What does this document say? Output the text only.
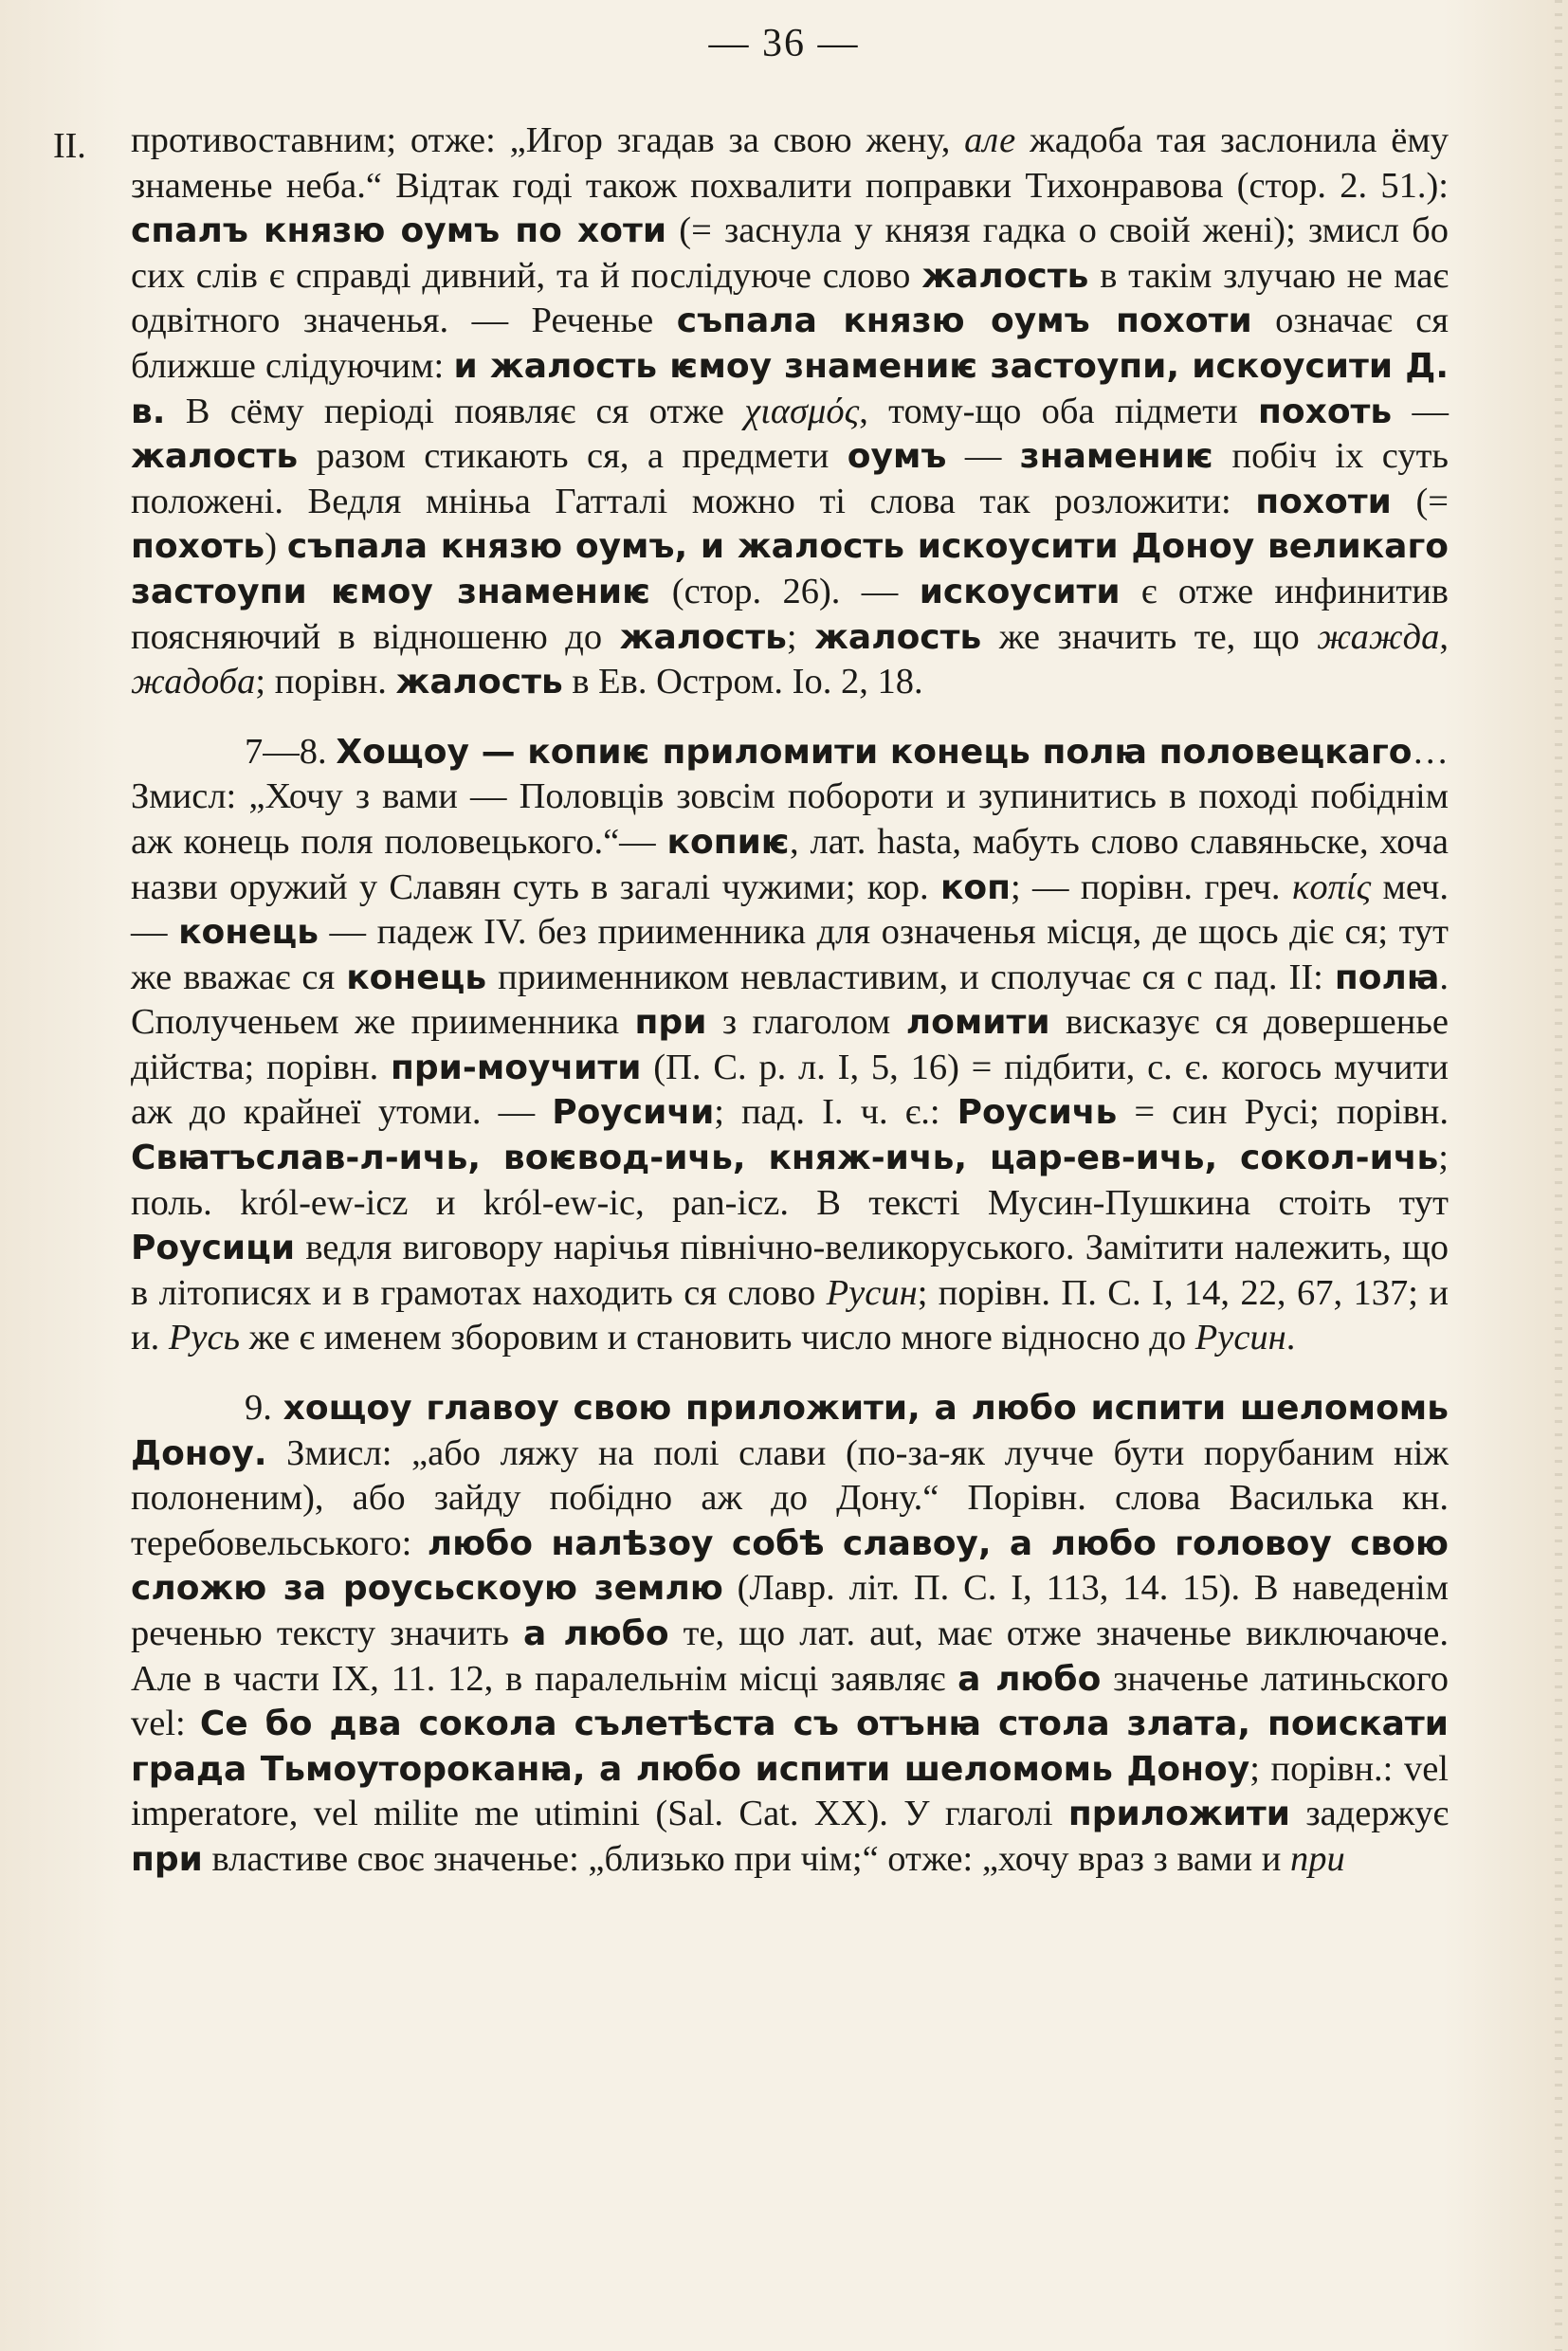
— 36 —
II. противоставним; отже: „Игор згадав за свою жену, але жадоба тая заслонила ёму знаменье неба.“ Відтак годі також похвалити поправки Тихонравова (стор. 2. 51.): спалъ князю оумъ по хоти (= заснула у князя гадка о своій жені); змисл бо сих слів є справді дивний, та й послідуюче слово жалость в такім злучаю не має одвітного значенья. — Реченье съпала князю оумъ похоти означає ся ближше слідуючим: и жалость ѥмоу знамениѥ застоупи, искоусити Д. в. В сёму періоді появляє ся отже χιασμός, тому-що оба підмети похоть — жалость разом стикають ся, а предмети оумъ — знамениѥ побіч іх суть положені. Ведля мніньа Гатталі можно ті слова так розложити: похоти (= похоть) съпала князю оумъ, и жалость искоусити Доноу великаго застоупи ѥмоу знамениѥ (стор. 26). — искоусити є отже инфинитив поясняючий в відношеню до жалость; жалость же значить те, що жажда, жадоба; порівн. жалость в Ев. Остром. Іо. 2, 18.

7—8. Хощоу — копиѥ приломити конець полꙗ половецкаго… Змисл: „Хочу з вами — Половців зовсім побороти и зупинитись в поході побіднім аж конець поля половецького.“— копиѥ, лат. hasta, мабуть слово славяньске, хоча назви оружий у Славян суть в загалі чужими; кор. коп; — порівн. греч. κοπίς меч. — конець — падеж IV. без приименника для означенья місця, де щось діє ся; тут же вважає ся конець приименником невластивим, и сполучає ся с пад. II: полꙗ. Сполученьем же приименника при з глаголом ломити висказує ся довершенье дійства; порівн. при-моучити (П. С. р. л. І, 5, 16) = підбити, с. є. когось мучити аж до крайнеї утоми. — Роусичи; пад. І. ч. є.: Роусичь = син Русі; порівн. Свꙗтъслав-л-ичь, воѥвод-ичь, княж-ичь, цар-ев-ичь, сокол-ичь; поль. król-ew-icz и król-ew-ic, pan-icz. В тексті Мусин-Пушкина стоіть тут Роусици ведля виговору нарічья північно-великоруського. Замітити належить, що в літописях и в грамотах находить ся слово Русин; порівн. П. С. І, 14, 22, 67, 137; и и. Русь же є именем зборовим и становить число многе відносно до Русин.

9. хощоу главоу свою приложити, а любо испити шеломомь Доноу. Змисл: „або ляжу на полі слави (по-за-як лучче бути порубаним ніж полоненим), або зайду побідно аж до Дону.“ Порівн. слова Василька кн. теребовельського: любо налѣзоу собѣ славоу, а любо головоу свою сложю за роусьскоую землю (Лавр. літ. П. С. І, 113, 14. 15). В наведенім реченью тексту значить а любо те, що лат. aut, має отже значенье виключаюче. Але в части IX, 11. 12, в паралельнім місці заявляє а любо значенье латиньского vel: Се бо два сокола сълетѣста съ отънꙗ стола злата, поискати града Тьмоутороканꙗ, а любо испити шеломомь Доноу; порівн.: vel imperatore, vel milite me utimini (Sal. Cat. XX). У глаголі приложити задержує при властиве своє значенье: „близько при чім;“ отже: „хочу враз з вами и при
